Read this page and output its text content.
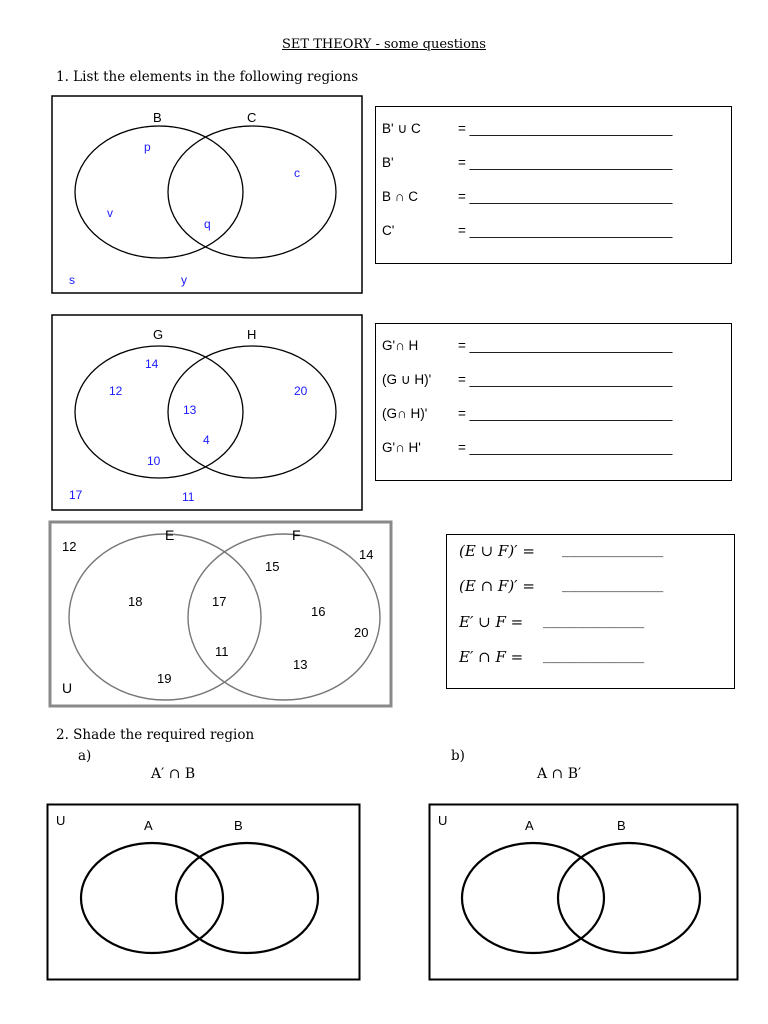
SET THEORY - some questions
1. List the elements in the following regions
B	C
p
c
v
q
s	y
B' ∪ C	= ___________________________
B'	= ___________________________
B ∩ C	= ___________________________
C'	= ___________________________
G	H
14
12
13
20
4
10
17	11
G'∩ H	= ___________________________
(G ∪ H)' = ___________________________
(G∩ H)' = ___________________________
G'∩ H'	= ___________________________
E	F
U
12
14
15
18	17
16
20
11
13
19
(E ∪ F)′ = _______________
(E ∩ F)′ = _______________
E′ ∪ F = _______________
E′ ∩ F = _______________
2. Shade the required region
a)	b)
A′ ∩ B	A ∩ B′
U	A	B	U	A	B
